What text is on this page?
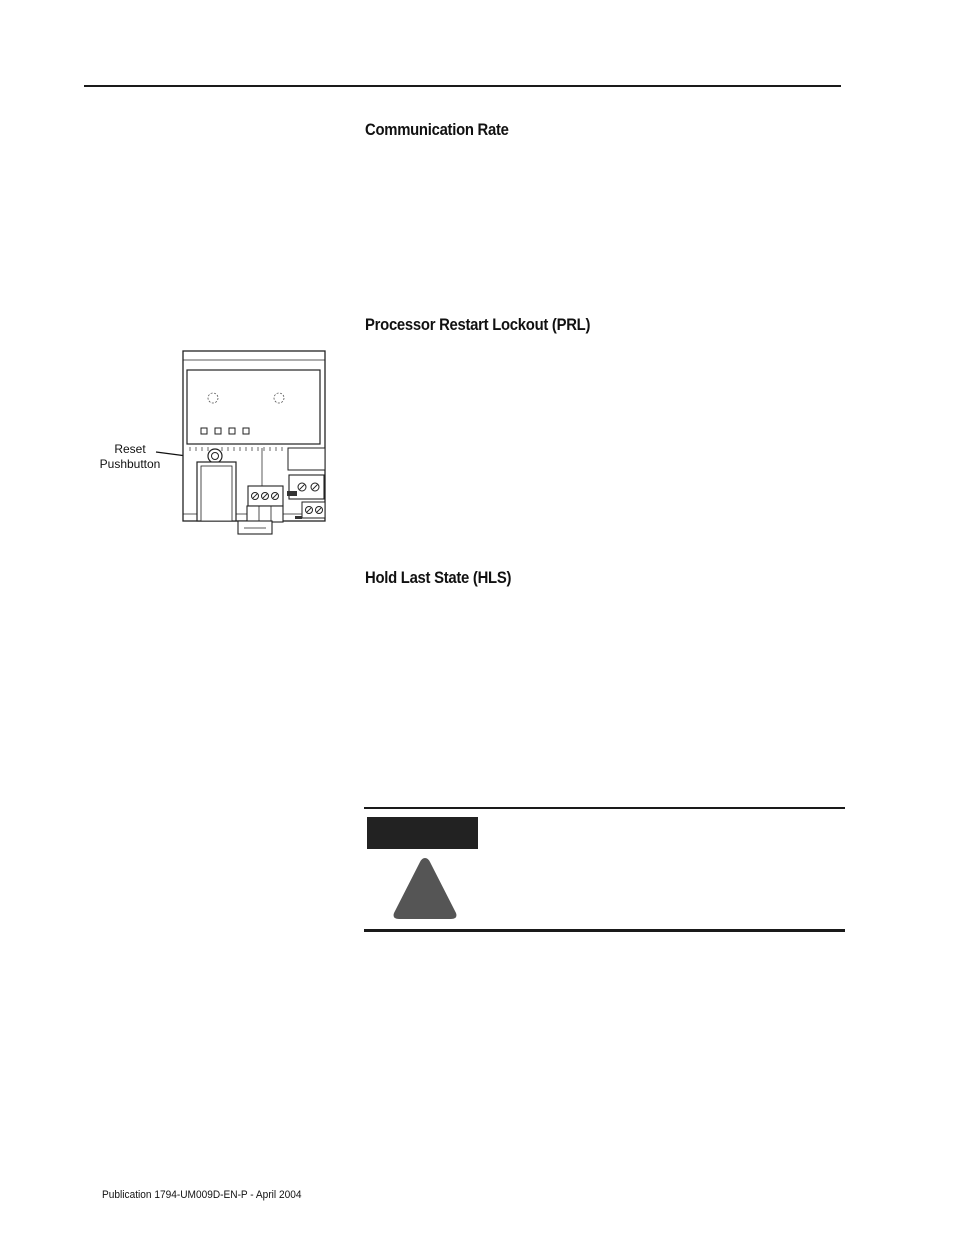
Communication Rate
Processor Restart Lockout (PRL)
Reset
Pushbutton
Hold Last State (HLS)

Publication 1794-UM009D-EN-P - April 2004
